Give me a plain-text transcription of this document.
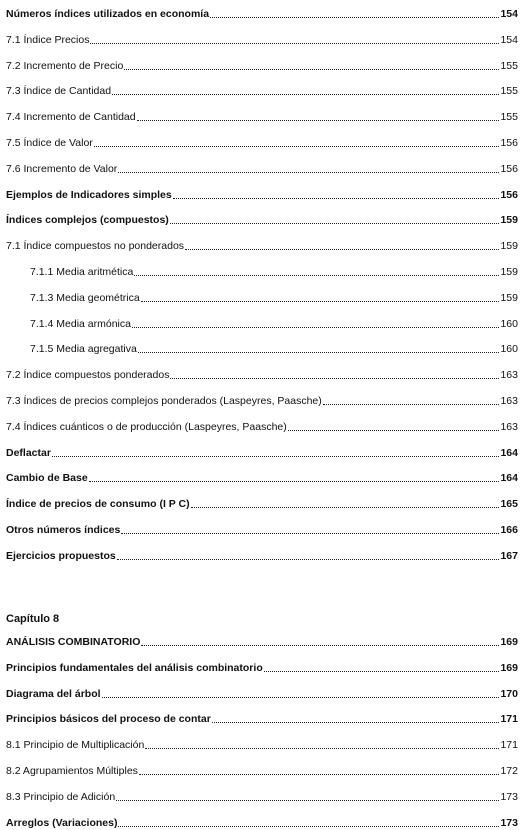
Números índices utilizados en economía	154
7.1 Índice Precios	154
7.2 Incremento de Precio	155
7.3 Índice de Cantidad	155
7.4 Incremento de Cantidad	155
7.5 Índice de Valor	156
7.6 Incremento de Valor	156
Ejemplos de Indicadores simples	156
Índices complejos (compuestos)	159
7.1 Índice compuestos no ponderados	159
7.1.1 Media aritmética	159
7.1.3 Media geométrica	159
7.1.4 Media armónica	160
7.1.5 Media agregativa	160
7.2 Índice compuestos ponderados	163
7.3 Índices de precios complejos ponderados (Laspeyres, Paasche)	163
7.4 Índices cuánticos o de producción (Laspeyres, Paasche)	163
Deflactar	164
Cambio de Base	164
Índice de precios de consumo (I P C)	165
Otros números índices	166
Ejercicios propuestos	167
Capítulo 8
ANÁLISIS COMBINATORIO	169
Principios fundamentales del análisis combinatorio	169
Diagrama del árbol	170
Principios básicos del proceso de contar	171
8.1 Principio de Multiplicación	171
8.2 Agrupamientos Múltiples	172
8.3 Principio de Adición	173
Arreglos (Variaciones)	173
